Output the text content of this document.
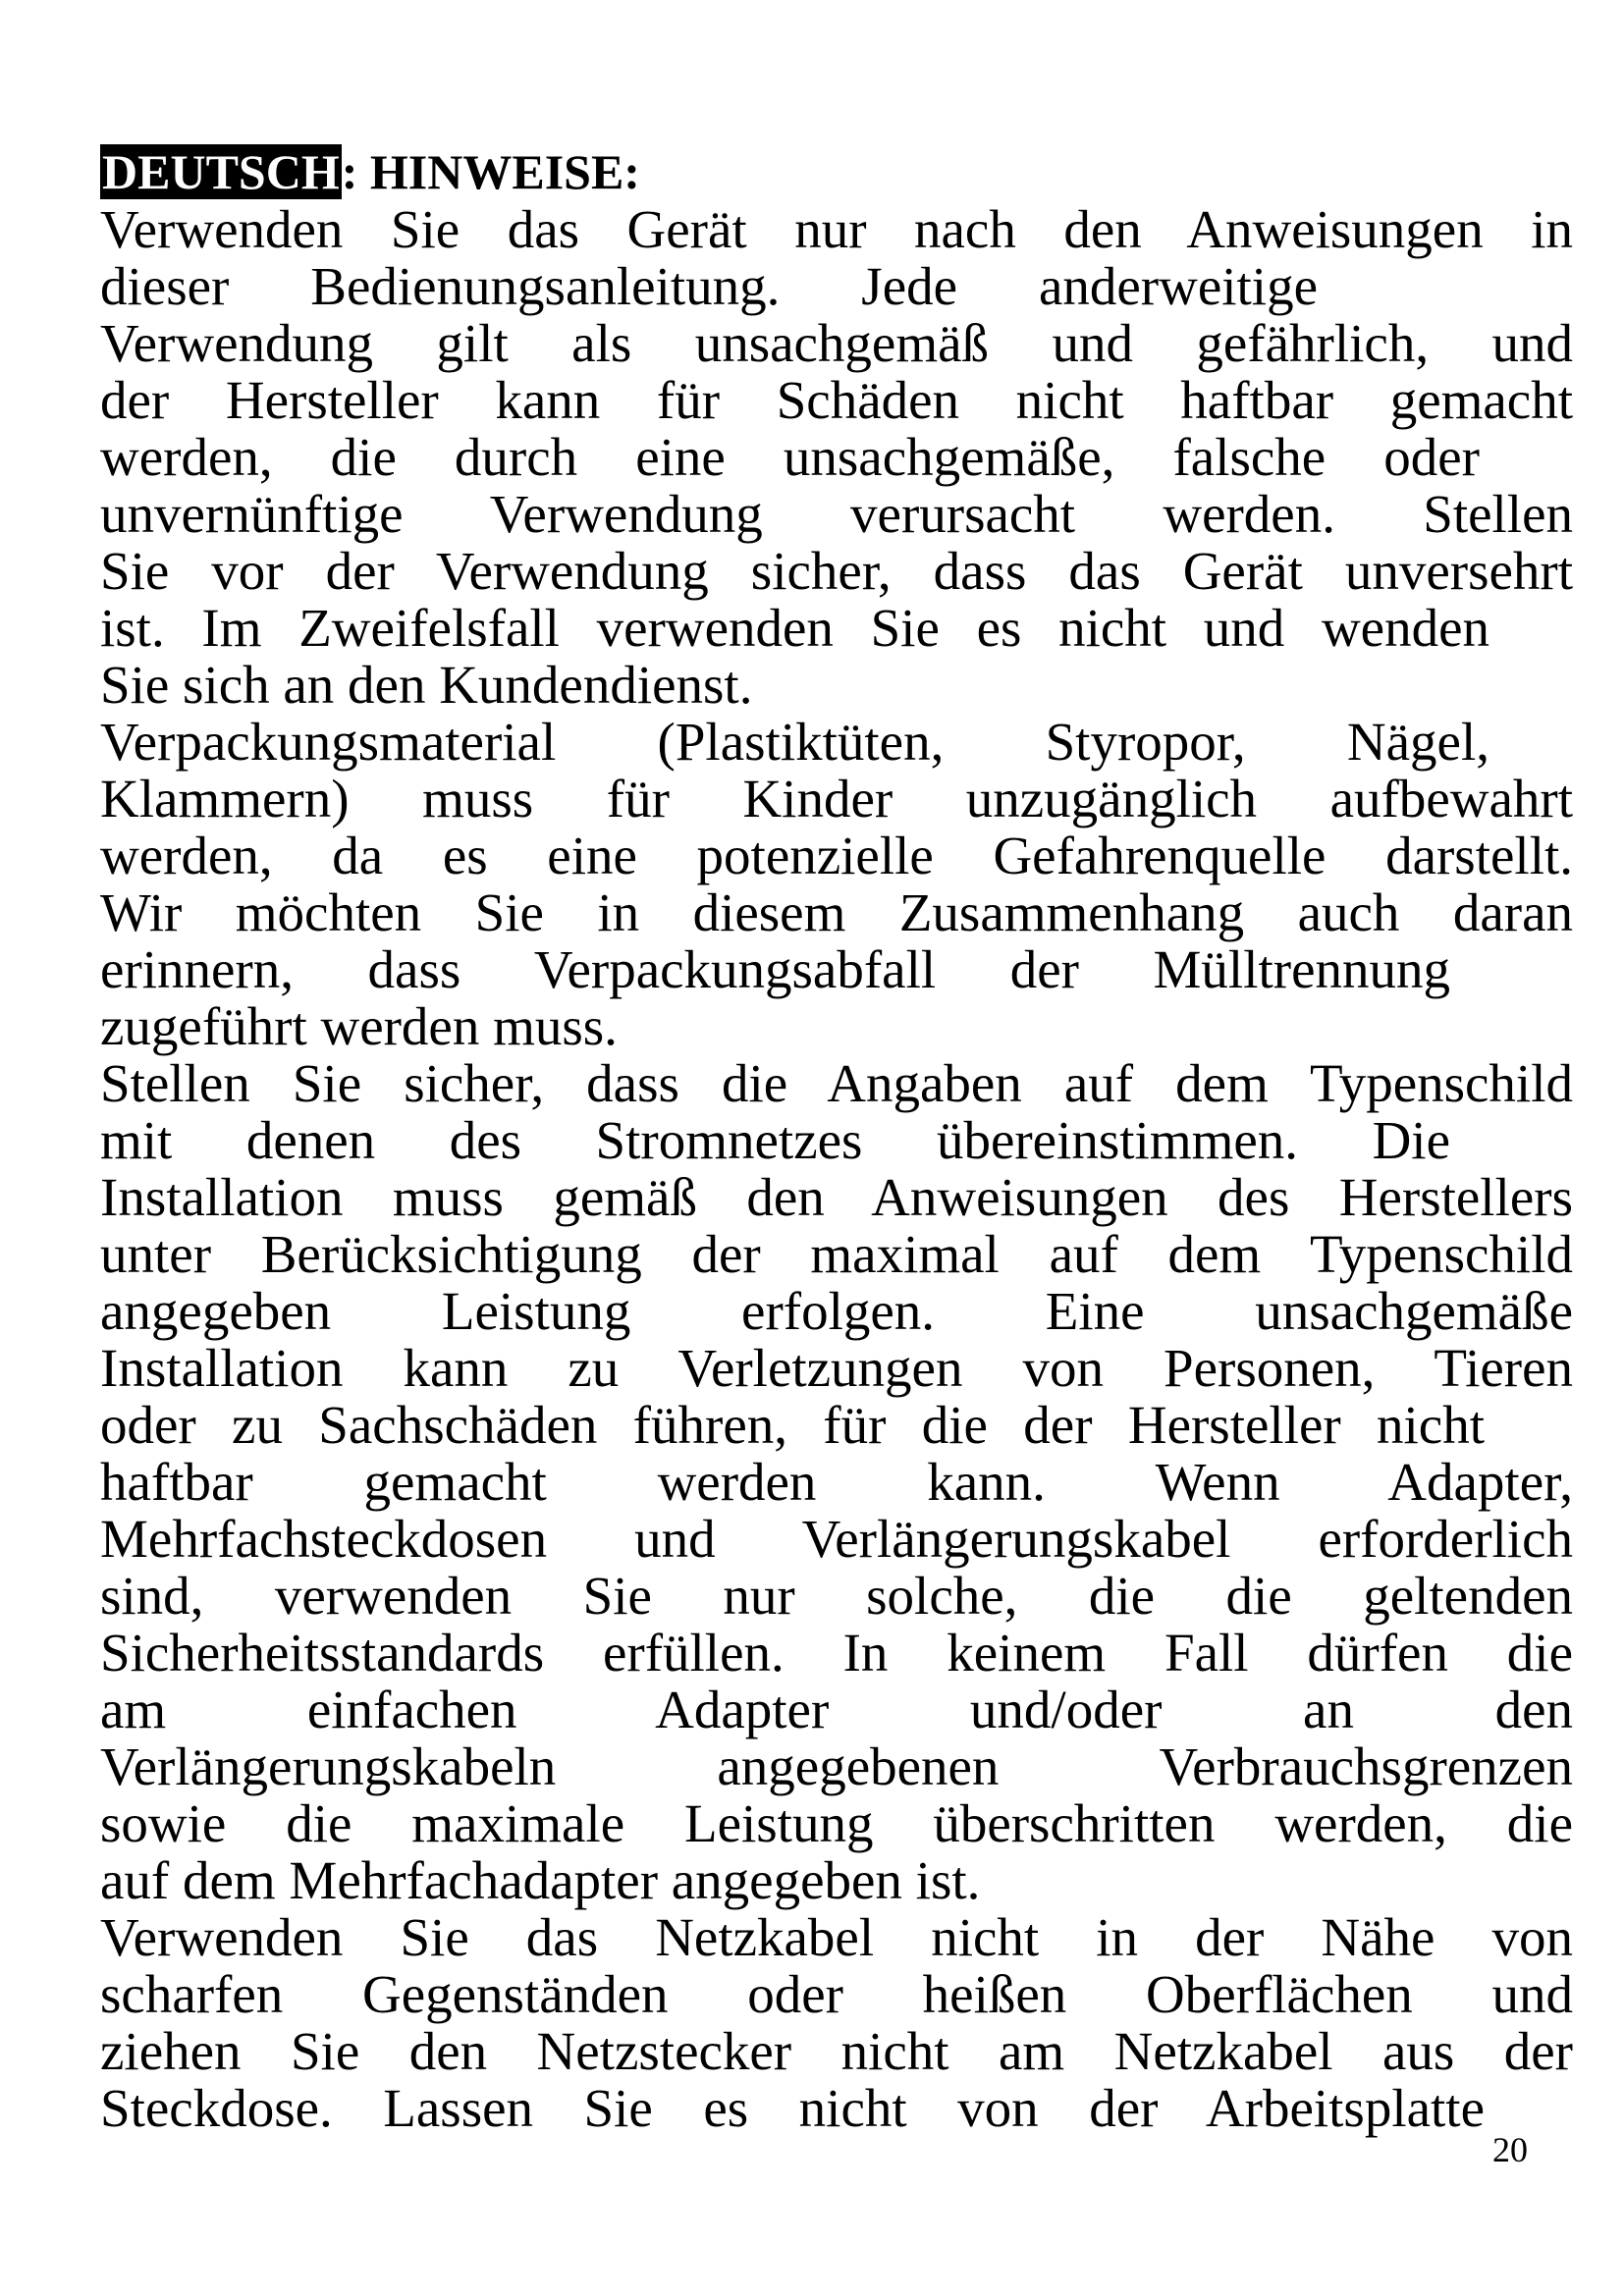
DEUTSCH: HINWEISE:
Verwenden Sie das Gerät nur nach den Anweisungen in
dieser Bedienungsanleitung. Jede anderweitige
Verwendung gilt als unsachgemäß und gefährlich, und
der Hersteller kann für Schäden nicht haftbar gemacht
werden, die durch eine unsachgemäße, falsche oder
unvernünftige Verwendung verursacht werden. Stellen
Sie vor der Verwendung sicher, dass das Gerät unversehrt
ist. Im Zweifelsfall verwenden Sie es nicht und wenden
Sie sich an den Kundendienst.
Verpackungsmaterial (Plastiktüten, Styropor, Nägel,
Klammern) muss für Kinder unzugänglich aufbewahrt
werden, da es eine potenzielle Gefahrenquelle darstellt.
Wir möchten Sie in diesem Zusammenhang auch daran
erinnern, dass Verpackungsabfall der Mülltrennung
zugeführt werden muss.
Stellen Sie sicher, dass die Angaben auf dem Typenschild
mit denen des Stromnetzes übereinstimmen. Die
Installation muss gemäß den Anweisungen des Herstellers
unter Berücksichtigung der maximal auf dem Typenschild
angegeben Leistung erfolgen. Eine unsachgemäße
Installation kann zu Verletzungen von Personen, Tieren
oder zu Sachschäden führen, für die der Hersteller nicht
haftbar gemacht werden kann. Wenn Adapter,
Mehrfachsteckdosen und Verlängerungskabel erforderlich
sind, verwenden Sie nur solche, die die geltenden
Sicherheitsstandards erfüllen. In keinem Fall dürfen die
am einfachen Adapter und/oder an den
Verlängerungskabeln angegebenen Verbrauchsgrenzen
sowie die maximale Leistung überschritten werden, die
auf dem Mehrfachadapter angegeben ist.
Verwenden Sie das Netzkabel nicht in der Nähe von
scharfen Gegenständen oder heißen Oberflächen und
ziehen Sie den Netzstecker nicht am Netzkabel aus der
Steckdose. Lassen Sie es nicht von der Arbeitsplatte
20
